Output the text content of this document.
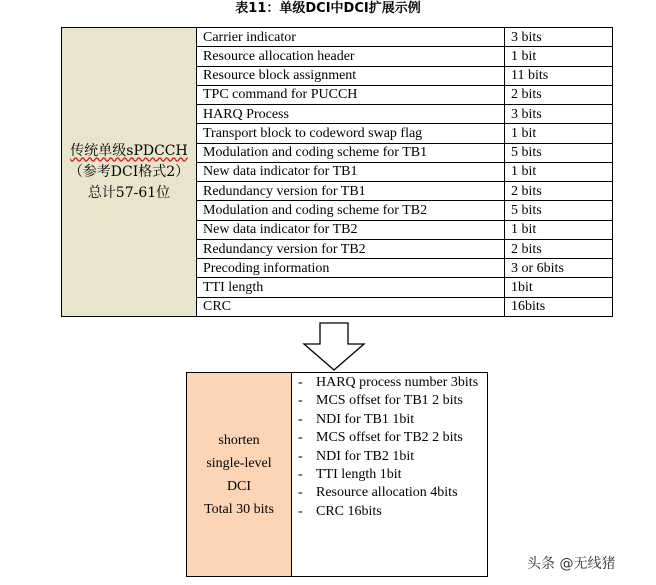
表11：单级DCI中DCI扩展示例
传统单级sPDCCH
（参考DCI格式2）
总计57-61位	Carrier indicator	3 bits
	Resource allocation header	1 bit
	Resource block assignment	11 bits
	TPC command for PUCCH	2 bits
	HARQ Process	3 bits
	Transport block to codeword swap flag	1 bit
	Modulation and coding scheme for TB1	5 bits
	New data indicator for TB1	1 bit
	Redundancy version for TB1	2 bits
	Modulation and coding scheme for TB2	5 bits
	New data indicator for TB2	1 bit
	Redundancy version for TB2	2 bits
	Precoding information	3 or 6bits
	TTI length	1bit
	CRC	16bits
shorten
single-level
DCI
Total 30 bits
- HARQ process number 3bits
- MCS offset for TB1 2 bits
- NDI for TB1 1bit
- MCS offset for TB2 2 bits
- NDI for TB2 1bit
- TTI length 1bit
- Resource allocation 4bits
- CRC 16bits
头条 @无线猪
